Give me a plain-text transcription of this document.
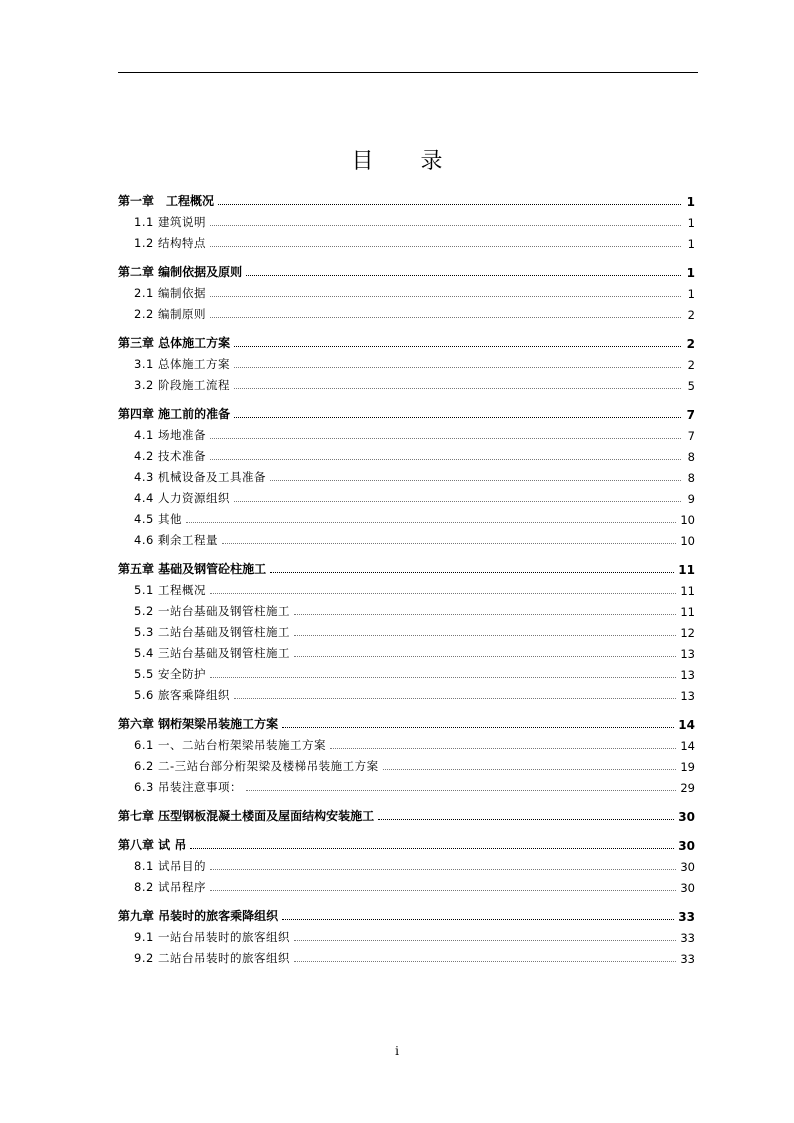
目 录
第一章　工程概况	1
1.1 建筑说明	1
1.2 结构特点	1
第二章 编制依据及原则	1
2.1 编制依据	1
2.2 编制原则	2
第三章 总体施工方案	2
3.1 总体施工方案	2
3.2 阶段施工流程	5
第四章 施工前的准备	7
4.1 场地准备	7
4.2 技术准备	8
4.3 机械设备及工具准备	8
4.4 人力资源组织	9
4.5 其他	10
4.6 剩余工程量	10
第五章 基础及钢管砼柱施工	11
5.1 工程概况	11
5.2 一站台基础及钢管柱施工	11
5.3 二站台基础及钢管柱施工	12
5.4 三站台基础及钢管柱施工	13
5.5 安全防护	13
5.6 旅客乘降组织	13
第六章 钢桁架梁吊装施工方案	14
6.1 一、二站台桁架梁吊装施工方案	14
6.2 二-三站台部分桁架梁及楼梯吊装施工方案	19
6.3 吊装注意事项：	29
第七章 压型钢板混凝土楼面及屋面结构安装施工	30
第八章 试 吊	30
8.1 试吊目的	30
8.2 试吊程序	30
第九章 吊装时的旅客乘降组织	33
9.1 一站台吊装时的旅客组织	33
9.2 二站台吊装时的旅客组织	33
i
